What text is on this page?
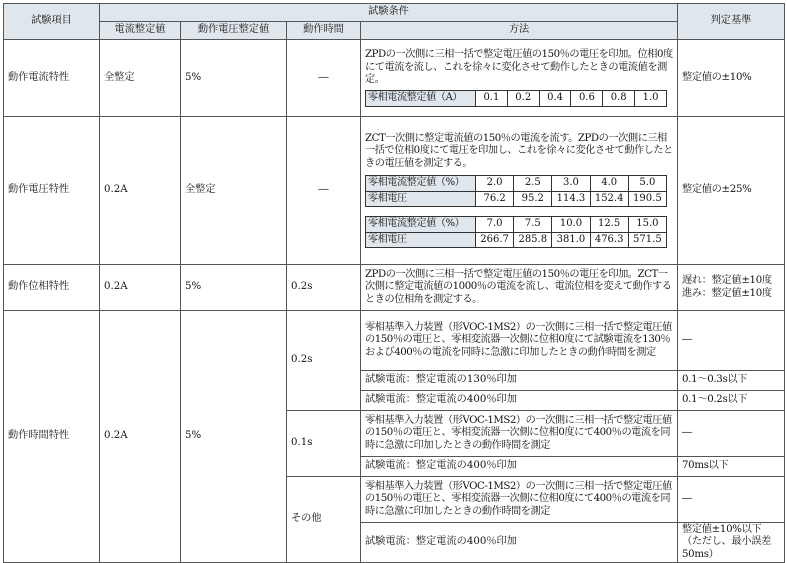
試験項目	試験条件	判定基準
電流整定値	動作電圧整定値	動作時間	方法
動作電流特性	全整定	5%	―	
ZPDの一次側に三相一括で整定電圧値の150％の電圧を印加。位相0度にて電流を流し、これを徐々に変化させて動作したときの電流値を測定。
零相電流整定値（A）	0.1	0.2	0.4	0.6	0.8	1.0
	整定値の±10%
動作電圧特性	0.2A	全整定	―	
ZCT一次側に整定電流値の150％の電流を流す。ZPDの一次側に三相一括で位相0度にて電圧を印加し、これを徐々に変化させて動作したときの電圧値を測定する。
零相電流整定値（%）	2.0	2.5	3.0	4.0	5.0
零相電圧	76.2	95.2	114.3	152.4	190.5
零相電流整定値（%）	7.0	7.5	10.0	12.5	15.0
零相電圧	266.7	285.8	381.0	476.3	571.5
	整定値の±25%
動作位相特性	0.2A	5%	0.2s	
ZPDの一次側に三相一括で整定電圧値の150％の電圧を印加。ZCT一次側に整定電流値の1000％の電流を流し、電流位相を変えて動作するときの位相角を測定する。

遅れ：整定値±10度
進み：整定値±10度

動作時間特性	0.2A	5%	0.2s	
零相基準入力装置（形VOC-1MS2）の一次側に三相一括で整定電圧値の150％の電圧と、零相変流器一次側に位相0度にて試験電流を130％および400％の電流を同時に急激に印加したときの動作時間を測定
	―
試験電流：整定電流の130％印加	0.1～0.3s以下
試験電流：整定電流の400％印加	0.1～0.2s以下
0.1s	
零相基準入力装置（形VOC-1MS2）の一次側に三相一括で整定電圧値の150％の電圧と、零相変流器一次側に位相0度にて400％の電流を同時に急激に印加したときの動作時間を測定
	―
試験電流：整定電流の400％印加	70ms以下
その他	
零相基準入力装置（形VOC-1MS2）の一次側に三相一括で整定電圧値の150％の電圧と、零相変流器一次側に位相0度にて400％の電流を同時に急激に印加したときの動作時間を測定
	―
試験電流：整定電流の400％印加	
整定値±10%以下
（ただし、最小誤差
50ms）
